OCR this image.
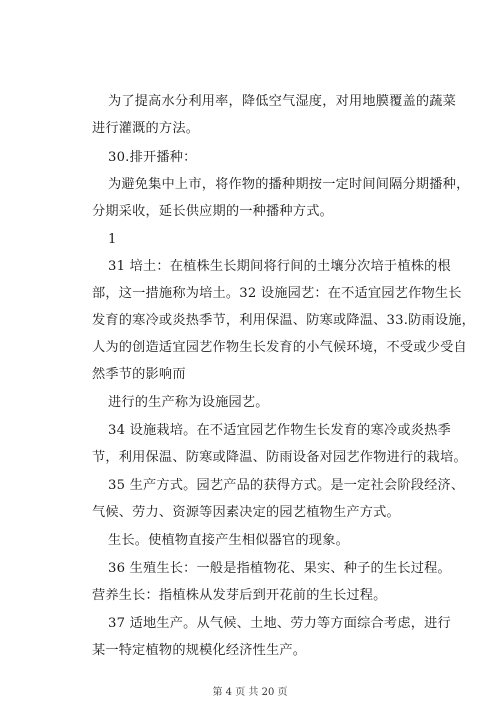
为了提高水分利用率，降低空气湿度，对用地膜覆盖的蔬菜
进行灌溉的方法。
30.排开播种：
为避免集中上市，将作物的播种期按一定时间间隔分期播种，
分期采收，延长供应期的一种播种方式。
1
31 培土：在植株生长期间将行间的土壤分次培于植株的根
部，这一措施称为培土。32 设施园艺：在不适宜园艺作物生长
发育的寒冷或炎热季节，利用保温、防寒或降温、33.防雨设施，
人为的创造适宜园艺作物生长发育的小气候环境，不受或少受自
然季节的影响而
进行的生产称为设施园艺。
34 设施栽培。在不适宜园艺作物生长发育的寒冷或炎热季
节，利用保温、防寒或降温、防雨设备对园艺作物进行的栽培。
35 生产方式。园艺产品的获得方式。是一定社会阶段经济、
气候、劳力、资源等因素决定的园艺植物生产方式。
生长。使植物直接产生相似器官的现象。
36 生殖生长：一般是指植物花、果实、种子的生长过程。
营养生长：指植株从发芽后到开花前的生长过程。
37 适地生产。从气候、土地、劳力等方面综合考虑，进行
某一特定植物的规模化经济性生产。
第 4 页 共 20 页
